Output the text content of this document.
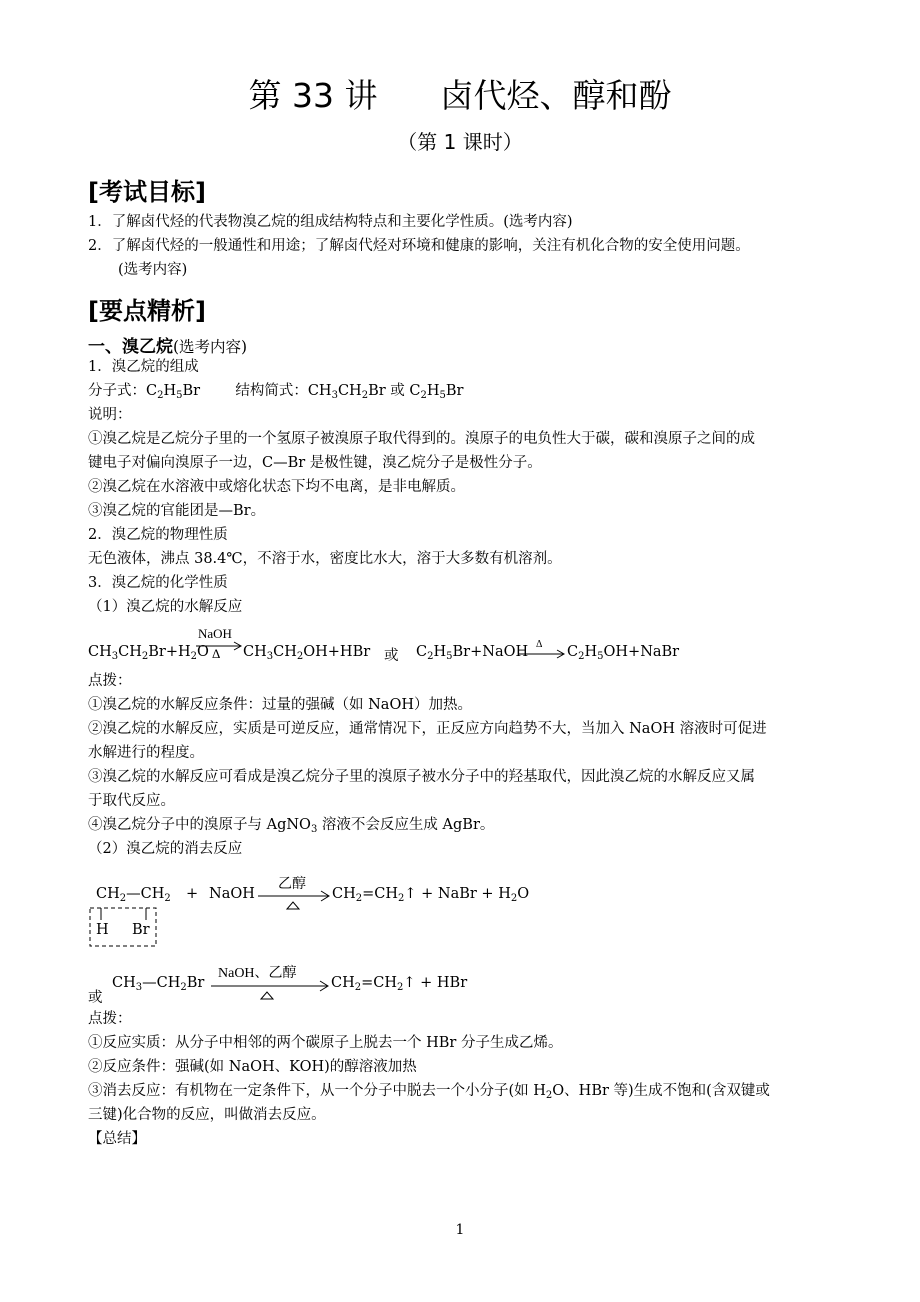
第 33 讲      卤代烃、醇和酚
（第 1 课时）
[考试目标]
1．了解卤代烃的代表物溴乙烷的组成结构特点和主要化学性质。(选考内容)
2．了解卤代烃的一般通性和用途；了解卤代烃对环境和健康的影响，关注有机化合物的安全使用问题。
(选考内容)
[要点精析]
一、溴乙烷(选考内容)
1．溴乙烷的组成
分子式：$C_2H_5Br$ 结构简式：$CH_3CH_2Br$ 或 $C_2H_5Br$
说明：
①溴乙烷是乙烷分子里的一个氢原子被溴原子取代得到的。溴原子的电负性大于碳，碳和溴原子之间的成
键电子对偏向溴原子一边，C—Br 是极性键，溴乙烷分子是极性分子。
②溴乙烷在水溶液中或熔化状态下均不电离，是非电解质。
③溴乙烷的官能团是—Br。
2．溴乙烷的物理性质
无色液体，沸点 38.4℃，不溶于水，密度比水大，溶于大多数有机溶剂。
3．溴乙烷的化学性质
（1）溴乙烷的水解反应
$CH_3CH_2Br+H_2O$
NaOH
Δ $CH_3CH_2OH+HBr$ 或 $C_2H_5Br+NaOH$ Δ $C_2H_5OH+NaBr$
点拨：
①溴乙烷的水解反应条件：过量的强碱（如 NaOH）加热。
②溴乙烷的水解反应，实质是可逆反应，通常情况下，正反应方向趋势不大，当加入 NaOH 溶液时可促进
水解进行的程度。
③溴乙烷的水解反应可看成是溴乙烷分子里的溴原子被水分子中的羟基取代，因此溴乙烷的水解反应又属
于取代反应。
④溴乙烷分子中的溴原子与 AgNO$_3$ 溶液不会反应生成 AgBr。
（2）溴乙烷的消去反应
$CH_2—CH_2$
H Br
+ NaOH
乙醇
$CH_2=CH_2↑$ + NaBr + $H_2O$
或
$CH_3—CH_2Br$
NaOH、乙醇
$CH_2=CH_2↑$ + HBr
点拨：
①反应实质：从分子中相邻的两个碳原子上脱去一个 HBr 分子生成乙烯。
②反应条件：强碱(如 NaOH、KOH)的醇溶液加热
③消去反应：有机物在一定条件下，从一个分子中脱去一个小分子(如 $H_2O$、HBr 等)生成不饱和(含双键或
三键)化合物的反应，叫做消去反应。
【总结】
1
